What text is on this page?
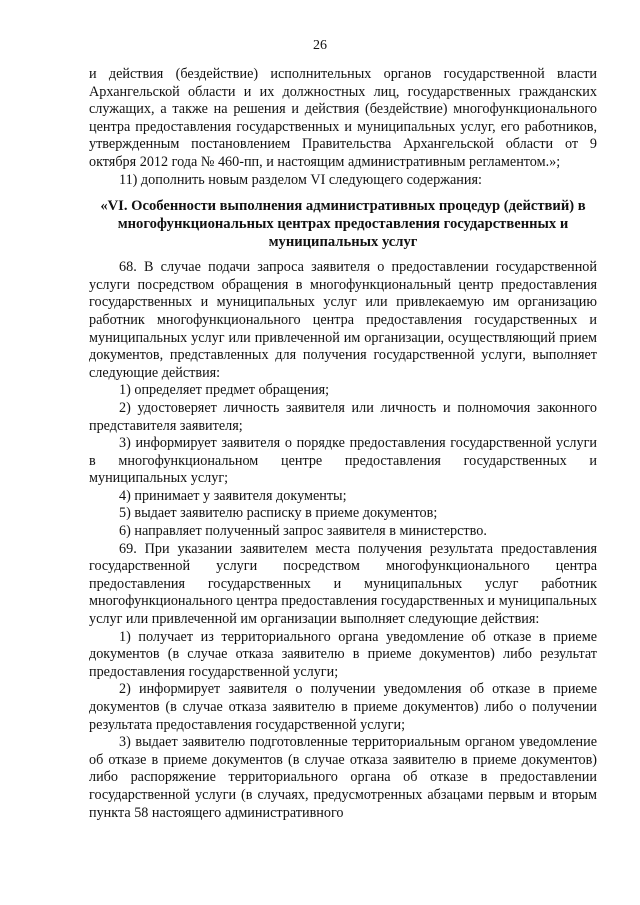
26

и действия (бездействие) исполнительных органов государственной власти Архангельской области и их должностных лиц, государственных гражданских служащих, а также на решения и действия (бездействие) многофункционального центра предоставления государственных и муниципальных услуг, его работников, утвержденным постановлением Правительства Архангельской области от 9 октября 2012 года № 460-пп, и настоящим административным регламентом.»;

11) дополнить новым разделом VI следующего содержания:

«VI. Особенности выполнения административных процедур (действий) в многофункциональных центрах предоставления государственных и муниципальных услуг

68. В случае подачи запроса заявителя о предоставлении государственной услуги посредством обращения в многофункциональный центр предоставления государственных и муниципальных услуг или привлекаемую им организацию работник многофункционального центра предоставления государственных и муниципальных услуг или привлеченной им организации, осуществляющий прием документов, представленных для получения государственной услуги, выполняет следующие действия:

1) определяет предмет обращения;

2) удостоверяет личность заявителя или личность и полномочия законного представителя заявителя;

3) информирует заявителя о порядке предоставления государственной услуги в многофункциональном центре предоставления государственных и муниципальных услуг;

4) принимает у заявителя документы;

5) выдает заявителю расписку в приеме документов;

6) направляет полученный запрос заявителя в министерство.

69. При указании заявителем места получения результата предоставления государственной услуги посредством многофункционального центра предоставления государственных и муниципальных услуг работник многофункционального центра предоставления государственных и муниципальных услуг или привлеченной им организации выполняет следующие действия:

1) получает из территориального органа уведомление об отказе в приеме документов (в случае отказа заявителю в приеме документов) либо результат предоставления государственной услуги;

2) информирует заявителя о получении уведомления об отказе в приеме документов (в случае отказа заявителю в приеме документов) либо о получении результата предоставления государственной услуги;

3) выдает заявителю подготовленные территориальным органом уведомление об отказе в приеме документов (в случае отказа заявителю в приеме документов) либо распоряжение территориального органа об отказе в предоставлении государственной услуги (в случаях, предусмотренных абзацами первым и вторым пункта 58 настоящего административного
